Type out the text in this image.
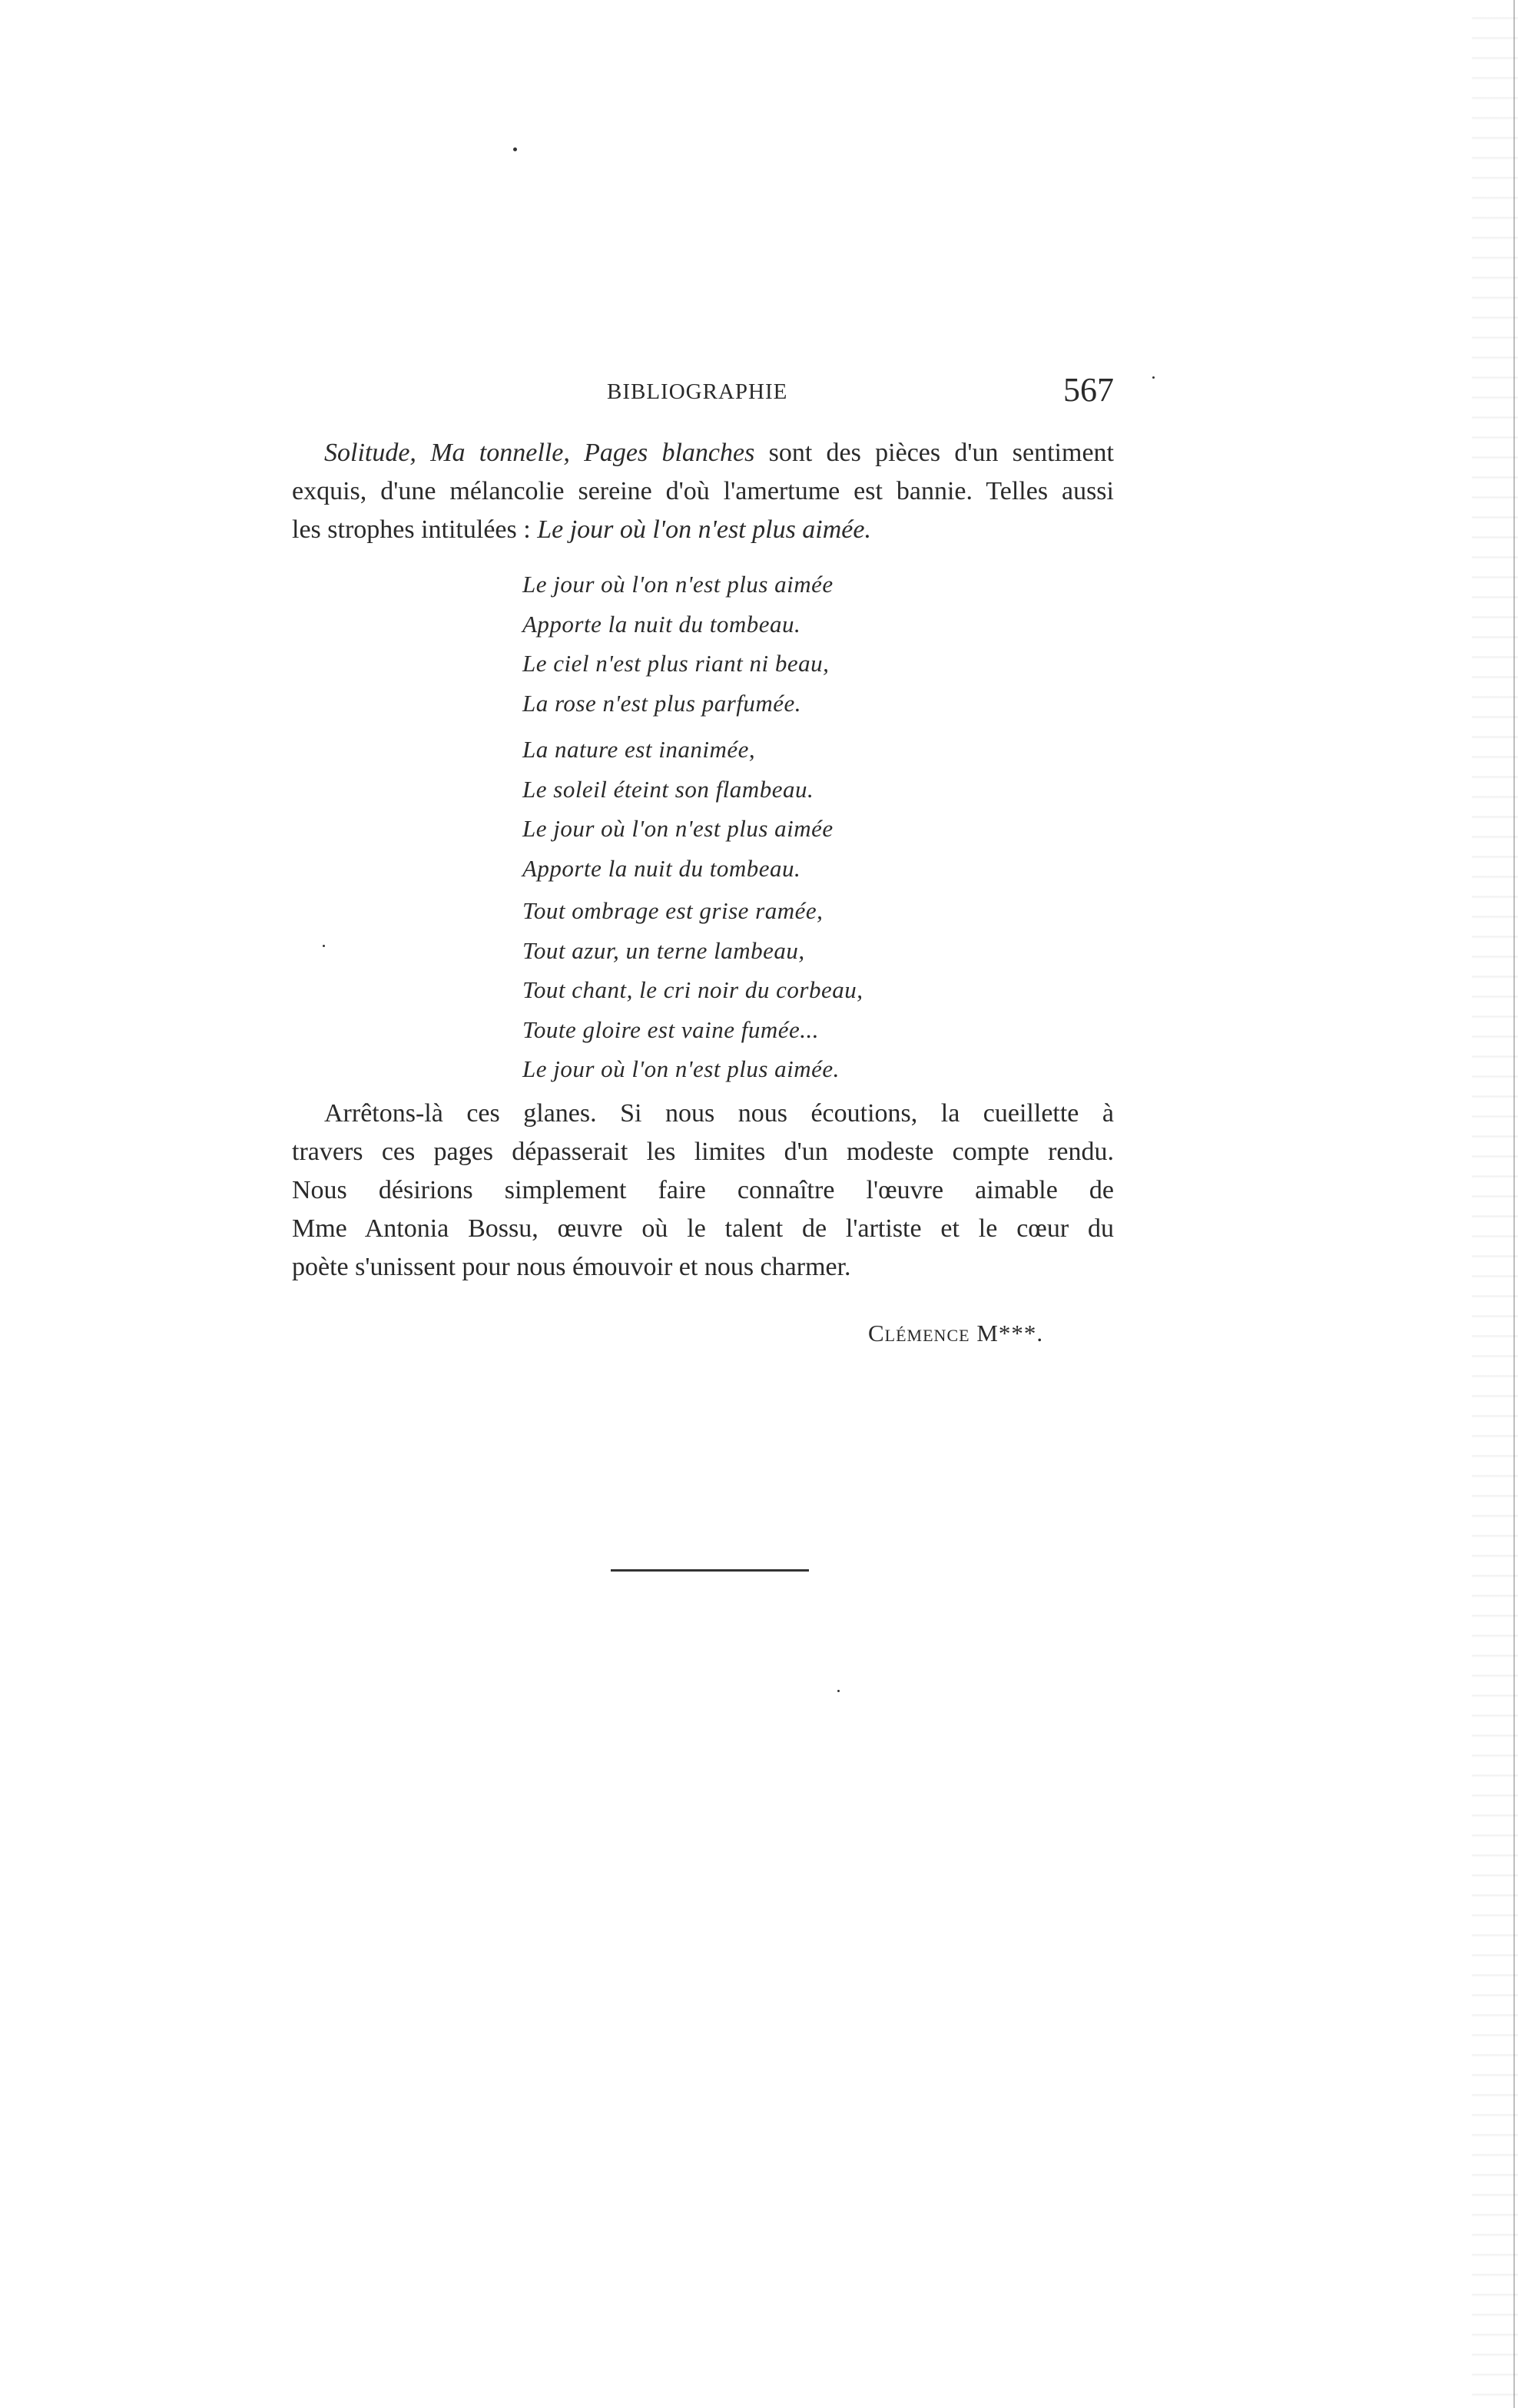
BIBLIOGRAPHIE	567
Solitude, Ma tonnelle, Pages blanches sont des pièces d'un sentiment
exquis, d'une mélancolie sereine d'où l'amertume est bannie. Telles aussi
les strophes intitulées : Le jour où l'on n'est plus aimée.
Le jour où l'on n'est plus aimée
Apporte la nuit du tombeau.
Le ciel n'est plus riant ni beau,
La rose n'est plus parfumée.
La nature est inanimée,
Le soleil éteint son flambeau.
Le jour où l'on n'est plus aimée
Apporte la nuit du tombeau.
Tout ombrage est grise ramée,
Tout azur, un terne lambeau,
Tout chant, le cri noir du corbeau,
Toute gloire est vaine fumée...
Le jour où l'on n'est plus aimée.
Arrêtons-là ces glanes. Si nous nous écoutions, la cueillette à
travers ces pages dépasserait les limites d'un modeste compte rendu.
Nous désirions simplement faire connaître l'œuvre aimable de
Mme Antonia Bossu, œuvre où le talent de l'artiste et le cœur du
poète s'unissent pour nous émouvoir et nous charmer.
Clémence M***.
